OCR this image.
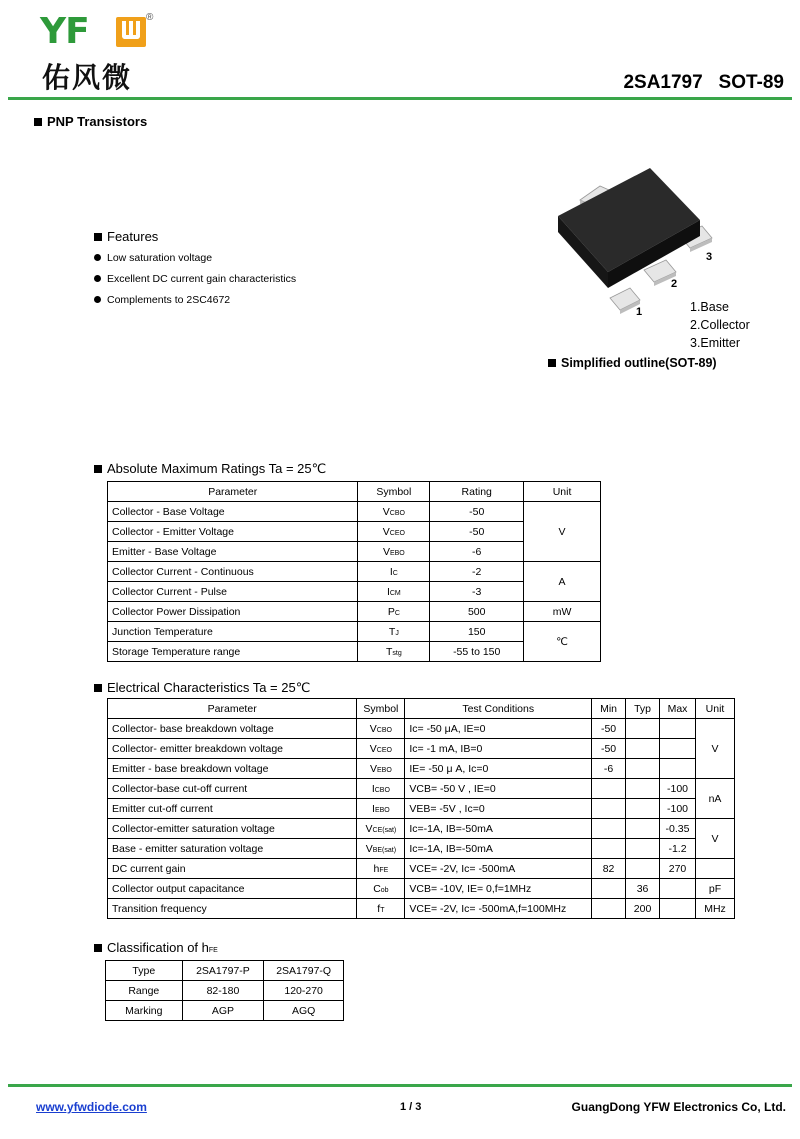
YF	®
佑风微	2SA1797   SOT-89
PNP Transistors
Features
Low saturation voltage
Excellent DC current gain characteristics
Complements to 2SC4672
1
2
3
1.Base
2.Collector
3.Emitter
Simplified outline(SOT-89)
Absolute Maximum Ratings Ta = 25℃
Parameter	Symbol	Rating	Unit
Collector - Base Voltage	VCBO	-50	V
Collector - Emitter Voltage	VCEO	-50	
Emitter - Base Voltage	VEBO	-6	
Collector Current - Continuous	IC	-2	A
Collector Current - Pulse	ICM	-3	
Collector Power Dissipation	PC	500	mW
Junction Temperature	TJ	150	℃
Storage Temperature range	Tstg	-55 to 150	
Electrical Characteristics Ta = 25℃
Parameter	Symbol	Test Conditions	Min	Typ	Max	Unit
Collector- base breakdown voltage	VCBO	Ic= -50 μA, IE=0	-50			V
Collector- emitter breakdown voltage	VCEO	Ic= -1 mA, IB=0	-50			
Emitter - base breakdown voltage	VEBO	IE= -50 μ A, Ic=0	-6			
Collector-base cut-off current	ICBO	VCB= -50 V , IE=0			-100	nA
Emitter cut-off current	IEBO	VEB= -5V , Ic=0			-100	
Collector-emitter saturation voltage	VCE(sat)	Ic=-1A, IB=-50mA			-0.35	V
Base - emitter saturation voltage	VBE(sat)	Ic=-1A, IB=-50mA			-1.2	
DC current gain	hFE	VCE= -2V, Ic= -500mA	82		270	
Collector output capacitance	Cob	VCB= -10V, IE= 0,f=1MHz		36		pF
Transition frequency	fT	VCE= -2V, Ic= -500mA,f=100MHz		200		MHz
Classification of hFE
Type	2SA1797-P	2SA1797-Q
Range	82-180	120-270
Marking	AGP	AGQ
www.yfwdiode.com	1 / 3	GuangDong YFW Electronics Co, Ltd.
